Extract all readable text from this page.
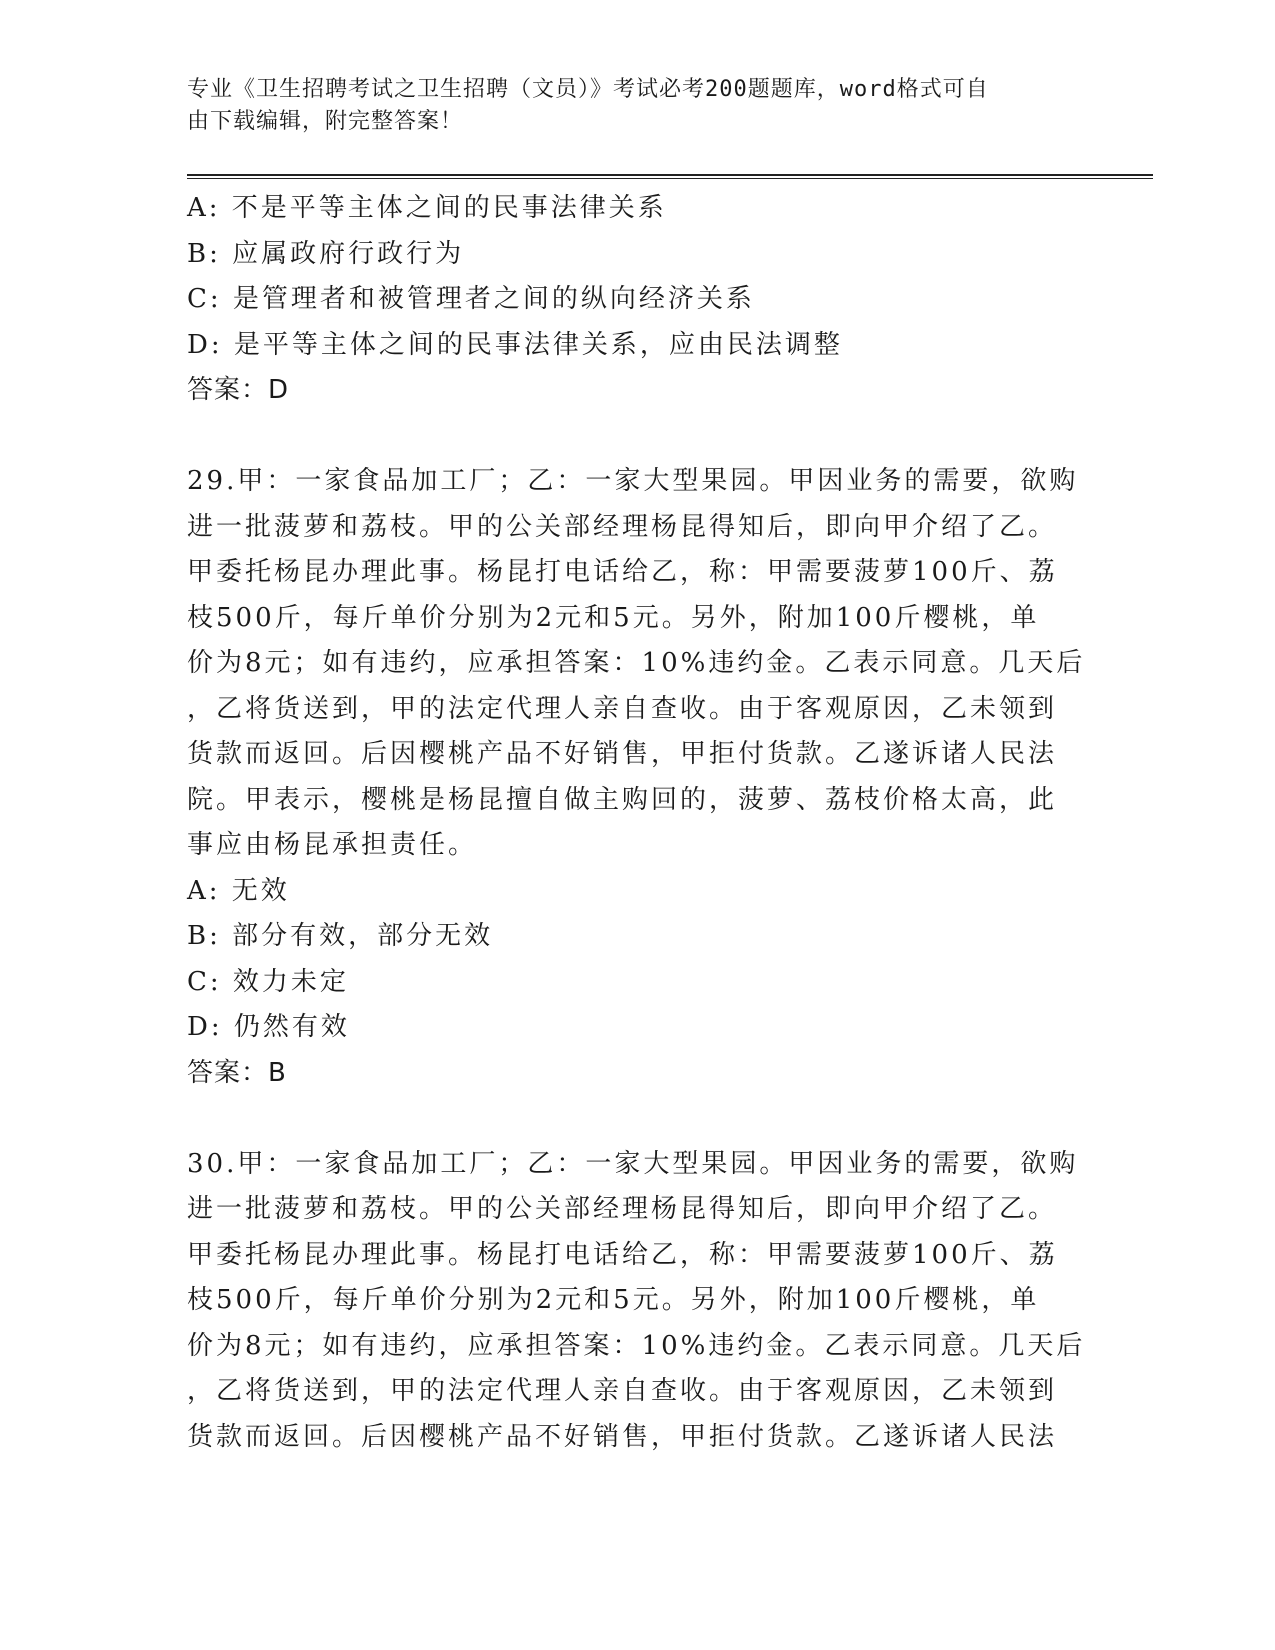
专业《卫生招聘考试之卫生招聘（文员）》考试必考200题题库，word格式可自
由下载编辑，附完整答案！
A: 不是平等主体之间的民事法律关系
B: 应属政府行政行为
C: 是管理者和被管理者之间的纵向经济关系
D: 是平等主体之间的民事法律关系，应由民法调整
答案：D
29.甲：一家食品加工厂；乙：一家大型果园。甲因业务的需要，欲购
进一批菠萝和荔枝。甲的公关部经理杨昆得知后，即向甲介绍了乙。
甲委托杨昆办理此事。杨昆打电话给乙，称：甲需要菠萝100斤、荔
枝500斤，每斤单价分别为2元和5元。另外，附加100斤樱桃，单
价为8元；如有违约，应承担答案：10%违约金。乙表示同意。几天后
，乙将货送到，甲的法定代理人亲自查收。由于客观原因，乙未领到
货款而返回。后因樱桃产品不好销售，甲拒付货款。乙遂诉诸人民法
院。甲表示，樱桃是杨昆擅自做主购回的，菠萝、荔枝价格太高，此
事应由杨昆承担责任。
A: 无效
B: 部分有效，部分无效
C: 效力未定
D: 仍然有效
答案：B
30.甲：一家食品加工厂；乙：一家大型果园。甲因业务的需要，欲购
进一批菠萝和荔枝。甲的公关部经理杨昆得知后，即向甲介绍了乙。
甲委托杨昆办理此事。杨昆打电话给乙，称：甲需要菠萝100斤、荔
枝500斤，每斤单价分别为2元和5元。另外，附加100斤樱桃，单
价为8元；如有违约，应承担答案：10%违约金。乙表示同意。几天后
，乙将货送到，甲的法定代理人亲自查收。由于客观原因，乙未领到
货款而返回。后因樱桃产品不好销售，甲拒付货款。乙遂诉诸人民法
